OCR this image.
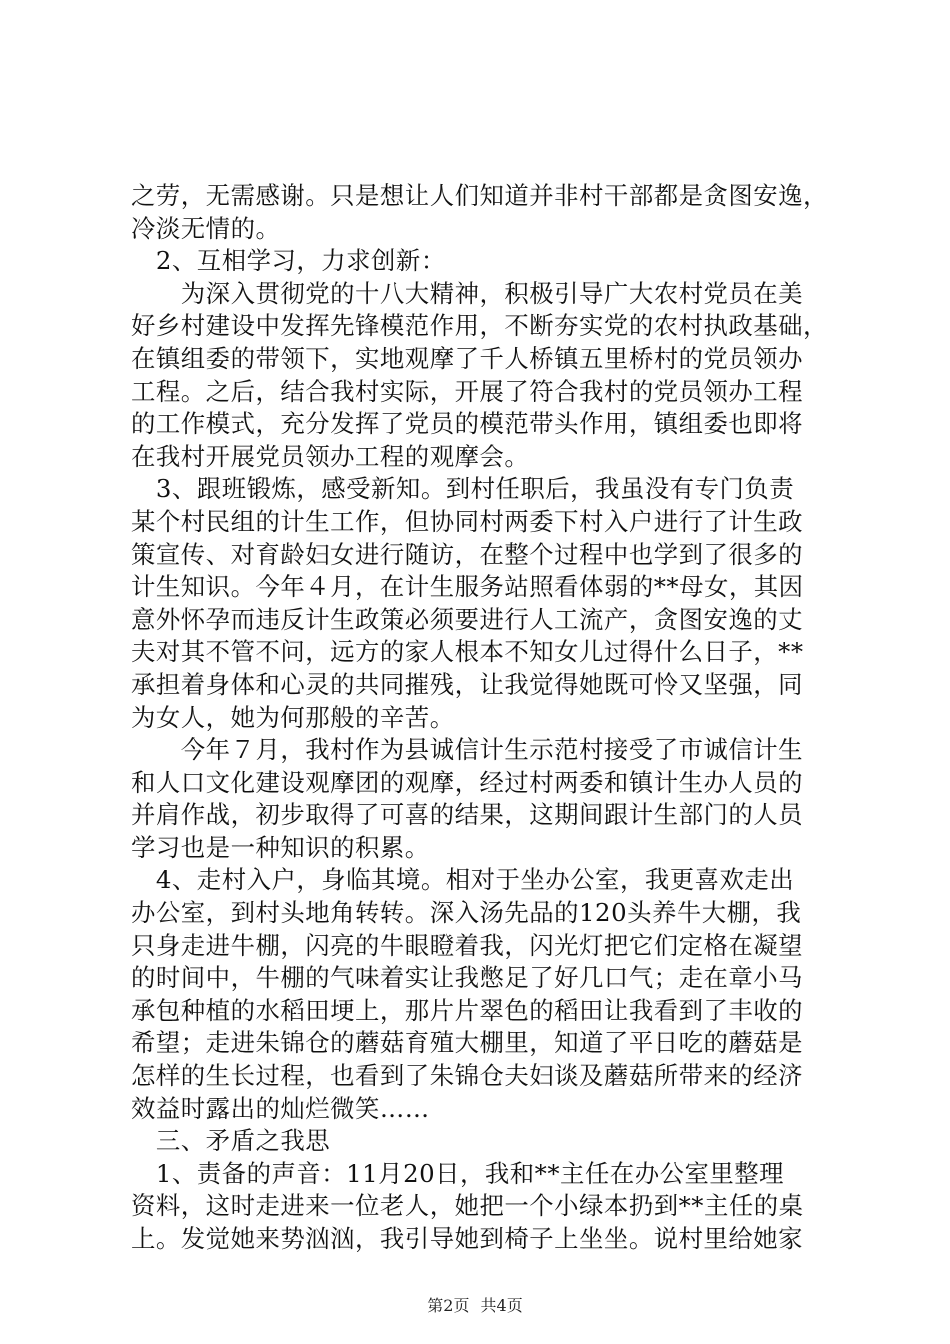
之劳，无需感谢。只是想让人们知道并非村干部都是贪图安逸，
冷淡无情的。
　2、互相学习，力求创新：
　　为深入贯彻党的十八大精神，积极引导广大农村党员在美
好乡村建设中发挥先锋模范作用，不断夯实党的农村执政基础，
在镇组委的带领下，实地观摩了千人桥镇五里桥村的党员领办
工程。之后，结合我村实际，开展了符合我村的党员领办工程
的工作模式，充分发挥了党员的模范带头作用，镇组委也即将
在我村开展党员领办工程的观摩会。
　3、跟班锻炼，感受新知。到村任职后，我虽没有专门负责
某个村民组的计生工作，但协同村两委下村入户进行了计生政
策宣传、对育龄妇女进行随访，在整个过程中也学到了很多的
计生知识。今年４月，在计生服务站照看体弱的**母女，其因
意外怀孕而违反计生政策必须要进行人工流产，贪图安逸的丈
夫对其不管不问，远方的家人根本不知女儿过得什么日子，**
承担着身体和心灵的共同摧残，让我觉得她既可怜又坚强，同
为女人，她为何那般的辛苦。
　　今年７月，我村作为县诚信计生示范村接受了市诚信计生
和人口文化建设观摩团的观摩，经过村两委和镇计生办人员的
并肩作战，初步取得了可喜的结果，这期间跟计生部门的人员
学习也是一种知识的积累。
　4、走村入户，身临其境。相对于坐办公室，我更喜欢走出
办公室，到村头地角转转。深入汤先品的120头养牛大棚，我
只身走进牛棚，闪亮的牛眼瞪着我，闪光灯把它们定格在凝望
的时间中，牛棚的气味着实让我憋足了好几口气；走在章小马
承包种植的水稻田埂上，那片片翠色的稻田让我看到了丰收的
希望；走进朱锦仓的蘑菇育殖大棚里，知道了平日吃的蘑菇是
怎样的生长过程，也看到了朱锦仓夫妇谈及蘑菇所带来的经济
效益时露出的灿烂微笑……
　三、矛盾之我思
　1、责备的声音：11月20日，我和**主任在办公室里整理
资料，这时走进来一位老人，她把一个小绿本扔到**主任的桌
上。发觉她来势汹汹，我引导她到椅子上坐坐。说村里给她家
第2页 共4页
